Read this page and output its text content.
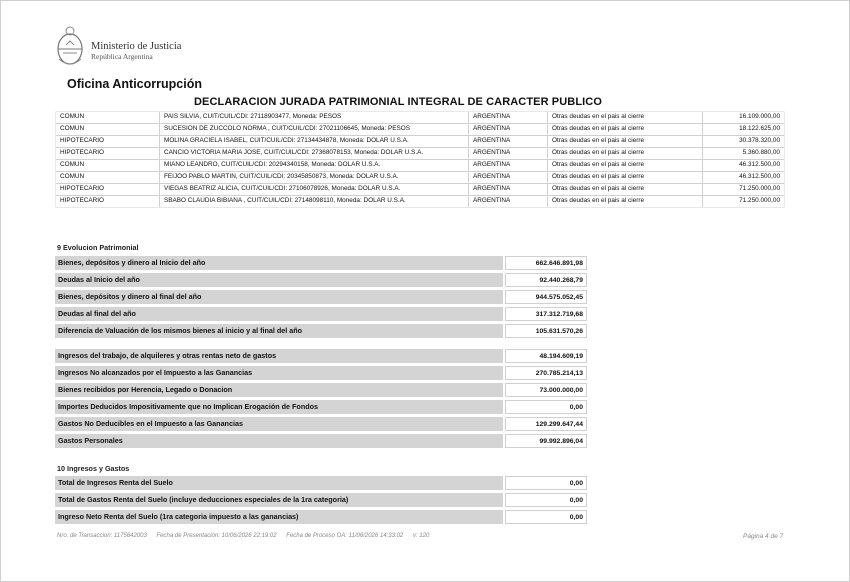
Ministerio de Justicia
República Argentina
Oficina Anticorrupción
DECLARACION JURADA PATRIMONIAL INTEGRAL DE CARACTER PUBLICO
COMUN	PAIS SILVIA, CUIT/CUIL/CDI: 27118903477, Moneda: PESOS	ARGENTINA	Otras deudas en el pais al cierre	16.109.000,00
COMUN	SUCESION DE ZUCCOLO NORMA , CUIT/CUIL/CDI: 27021106645, Moneda: PESOS	ARGENTINA	Otras deudas en el pais al cierre	18.122.625,00
HIPOTECARIO	MOLINA GRACIELA ISABEL, CUIT/CUIL/CDI: 27134434878, Moneda: DOLAR U.S.A.	ARGENTINA	Otras deudas en el pais al cierre	30.378.320,00
HIPOTECARIO	CANCIO VICTORIA MARIA JOSE, CUIT/CUIL/CDI: 27368078153, Moneda: DOLAR U.S.A.	ARGENTINA	Otras deudas en el pais al cierre	5.360.880,00
COMUN	MIANO LEANDRO, CUIT/CUIL/CDI: 20294340158, Moneda: DOLAR U.S.A.	ARGENTINA	Otras deudas en el pais al cierre	46.312.500,00
COMUN	FEIJOO PABLO MARTIN, CUIT/CUIL/CDI: 20345850873, Moneda: DOLAR U.S.A.	ARGENTINA	Otras deudas en el pais al cierre	46.312.500,00
HIPOTECARIO	VIEGAS BEATRIZ ALICIA, CUIT/CUIL/CDI: 27106078926, Moneda: DOLAR U.S.A.	ARGENTINA	Otras deudas en el pais al cierre	71.250.000,00
HIPOTECARIO	SBABO CLAUDIA BIBIANA , CUIT/CUIL/CDI: 27148098110, Moneda: DOLAR U.S.A.	ARGENTINA	Otras deudas en el pais al cierre	71.250.000,00
9 Evolucion Patrimonial
Bienes, depósitos y dinero al Inicio del año	662.646.891,98
Deudas al Inicio del año	92.440.268,79
Bienes, depósitos y dinero al final del año	944.575.052,45
Deudas al final del año	317.312.719,68
Diferencia de Valuación de los mismos bienes al inicio y al final del año	105.631.570,26
Ingresos del trabajo, de alquileres y otras rentas neto de gastos	48.194.609,19
Ingresos No alcanzados por el Impuesto a las Ganancias	270.785.214,13
Bienes recibidos por Herencia, Legado o Donacion	73.000.000,00
Importes Deducidos Impositivamente que no Implican Erogación de Fondos	0,00
Gastos No Deducibles en el Impuesto a las Ganancias	129.299.647,44
Gastos Personales	99.992.896,04
10 Ingresos y Gastos
Total de Ingresos Renta del Suelo	0,00
Total de Gastos Renta del Suelo (incluye deducciones especiales de la 1ra categoria)	0,00
Ingreso Neto Renta del Suelo (1ra categoria impuesto a las ganancias)	0,00
Nro. de Transaccion: 1175642003 Fecha de Presentación: 10/06/2026 22:19:02 Fecha de Proceso OA: 11/06/2026 14:33:02 v: 120	Página 4 de 7
